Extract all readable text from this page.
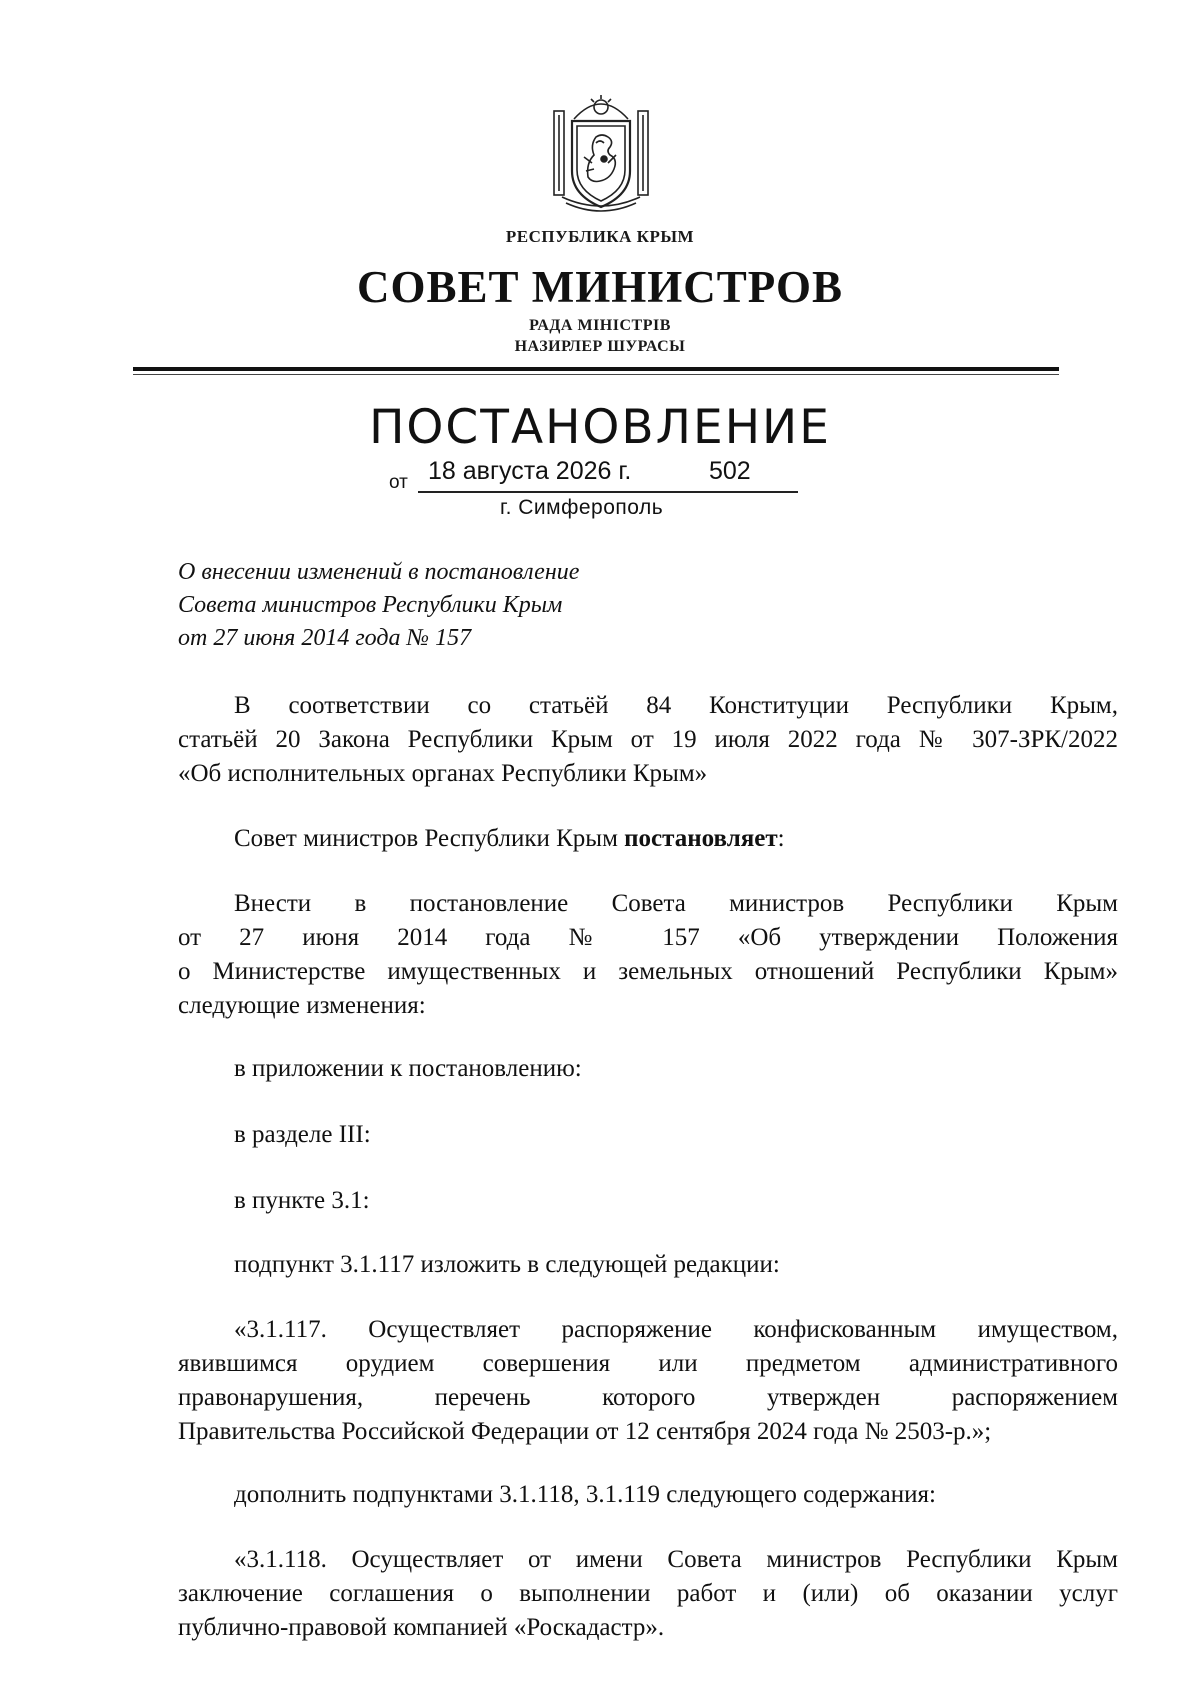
РЕСПУБЛИКА КРЫМ
СОВЕТ МИНИСТРОВ
РАДА МІНІСТРІВ
НАЗИРЛЕР ШУРАСЫ
ПОСТАНОВЛЕНИЕ
от 18 августа 2026 г.	502
г. Симферополь
О внесении изменений в постановление
Совета министров Республики Крым
от 27 июня 2014 года № 157
В соответствии со статьёй 84 Конституции Республики Крым,
статьёй 20 Закона Республики Крым от 19 июля 2022 года № 307-ЗРК/2022
«Об исполнительных органах Республики Крым»
Совет министров Республики Крым постановляет:
Внести в постановление Совета министров Республики Крым
от 27 июня 2014 года № 157 «Об утверждении Положения
о Министерстве имущественных и земельных отношений Республики Крым»
следующие изменения:
в приложении к постановлению:
в разделе III:
в пункте 3.1:
подпункт 3.1.117 изложить в следующей редакции:
«3.1.117. Осуществляет распоряжение конфискованным имуществом,
явившимся орудием совершения или предметом административного
правонарушения, перечень которого утвержден распоряжением
Правительства Российской Федерации от 12 сентября 2024 года № 2503-р.»;
дополнить подпунктами 3.1.118, 3.1.119 следующего содержания:
«3.1.118. Осуществляет от имени Совета министров Республики Крым
заключение соглашения о выполнении работ и (или) об оказании услуг
публично-правовой компанией «Роскадастр».
